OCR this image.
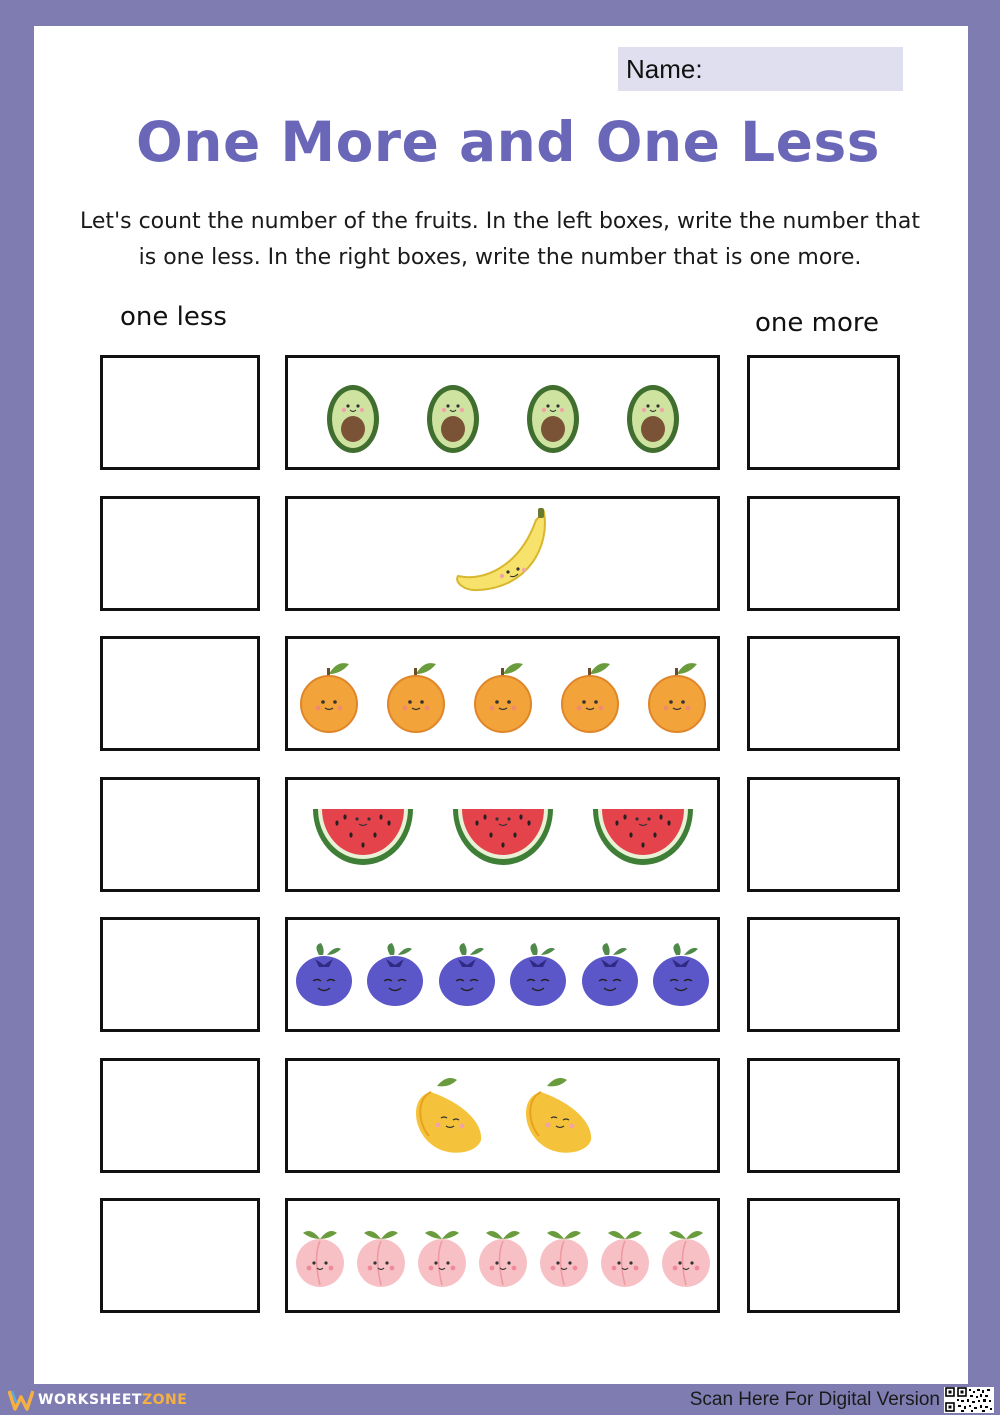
Name:
One More and One Less
Let's count the number of the fruits. In the left boxes, write the number that is one less. In the right boxes, write the number that is one more.
one less	one more
WORKSHEETZONE	Scan Here For Digital Version
